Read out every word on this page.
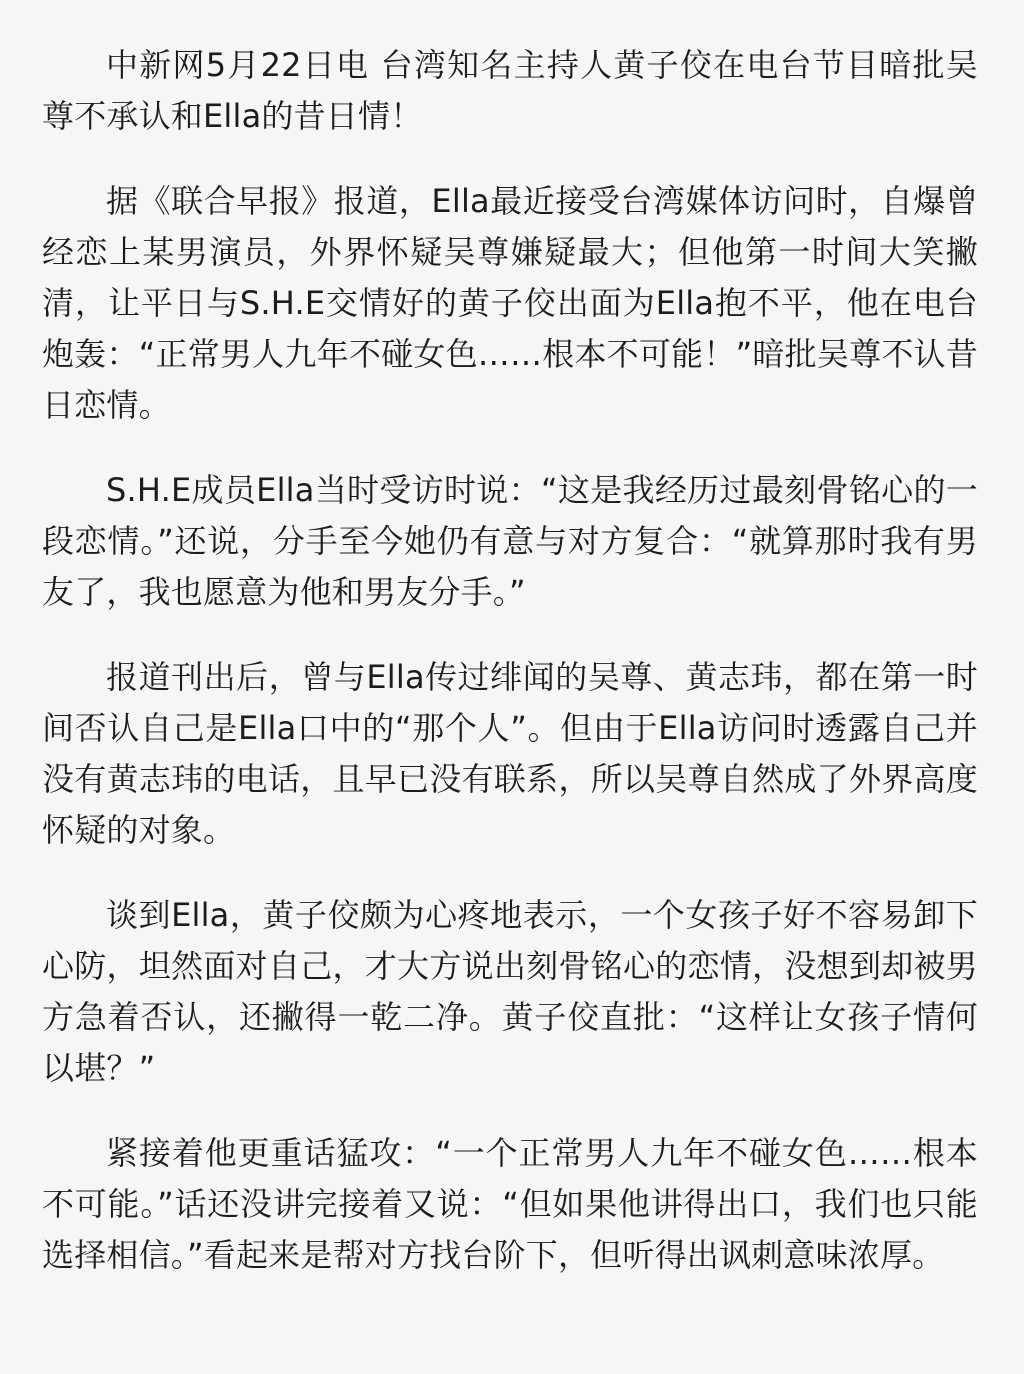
中新网5月22日电 台湾知名主持人黄子佼在电台节目暗批吴尊不承认和Ella的昔日情！

据《联合早报》报道，Ella最近接受台湾媒体访问时，自爆曾经恋上某男演员，外界怀疑吴尊嫌疑最大；但他第一时间大笑撇清，让平日与S.H.E交情好的黄子佼出面为Ella抱不平，他在电台炮轰：“正常男人九年不碰女色……根本不可能！”暗批吴尊不认昔日恋情。

S.H.E成员Ella当时受访时说：“这是我经历过最刻骨铭心的一段恋情。”还说，分手至今她仍有意与对方复合：“就算那时我有男友了，我也愿意为他和男友分手。”

报道刊出后，曾与Ella传过绯闻的吴尊、黄志玮，都在第一时间否认自己是Ella口中的“那个人”。但由于Ella访问时透露自己并没有黄志玮的电话，且早已没有联系，所以吴尊自然成了外界高度怀疑的对象。

谈到Ella，黄子佼颇为心疼地表示，一个女孩子好不容易卸下心防，坦然面对自己，才大方说出刻骨铭心的恋情，没想到却被男方急着否认，还撇得一乾二净。黄子佼直批：“这样让女孩子情何以堪？”

紧接着他更重话猛攻：“一个正常男人九年不碰女色……根本不可能。”话还没讲完接着又说：“但如果他讲得出口，我们也只能选择相信。”看起来是帮对方找台阶下，但听得出讽刺意味浓厚。
